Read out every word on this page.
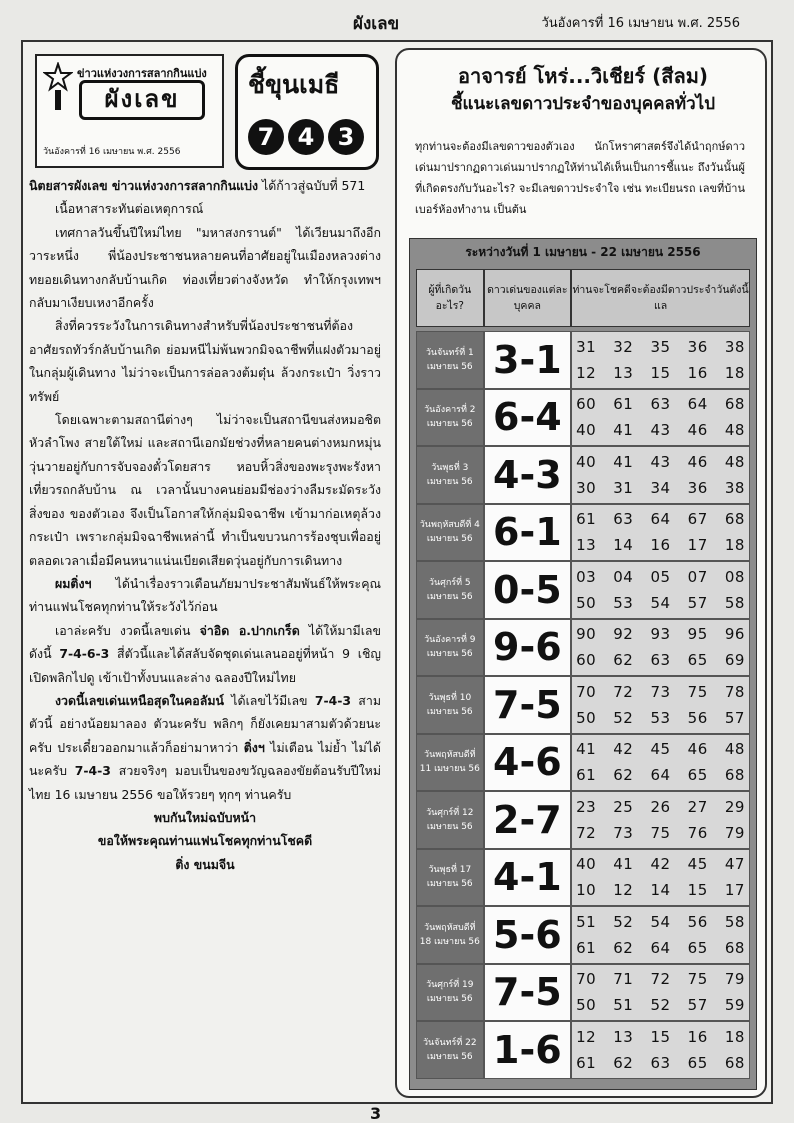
ผังเลข	วันอังคารที่ 16 เมษายน พ.ศ. 2556
ข่าวแห่งวงการสลากกินแบ่ง
ผังเลข
วันอังคารที่ 16 เมษายน พ.ศ. 2556
ชี้ขุนเมธี
7 4 3

นิตยสารผังเลข ข่าวแห่งวงการสลากกินแบ่ง ได้ก้าวสู่ฉบับที่ 571

เนื้อหาสาระทันต่อเหตุการณ์

เทศกาลวันขึ้นปีใหม่ไทย "มหาสงกรานต์" ได้เวียนมาถึงอีกวาระหนึ่ง พี่น้องประชาชนหลายคนที่อาศัยอยู่ในเมืองหลวงต่างทยอยเดินทางกลับบ้านเกิด ท่องเที่ยวต่างจังหวัด ทำให้กรุงเทพฯ กลับมาเงียบเหงาอีกครั้ง

สิ่งที่ควรระวังในการเดินทางสำหรับพี่น้องประชาชนที่ต้องอาศัยรถทัวร์กลับบ้านเกิด ย่อมหนีไม่พ้นพวกมิจฉาชีพที่แฝงตัวมาอยู่ในกลุ่มผู้เดินทาง ไม่ว่าจะเป็นการล่อลวงต้มตุ๋น ล้วงกระเป๋า วิ่งราวทรัพย์

โดยเฉพาะตามสถานีต่างๆ ไม่ว่าจะเป็นสถานีขนส่งหมอชิต หัวลำโพง สายใต้ใหม่ และสถานีเอกมัยช่วงที่หลายคนต่างหมกหมุ่นวุ่นวายอยู่กับการจับจองตั๋วโดยสาร หอบหิ้วสิ่งของพะรุงพะรังหาเที่ยวรถกลับบ้าน ณ เวลานั้นบางคนย่อมมีช่องว่างลืมระมัดระวังสิ่งของ ของตัวเอง จึงเป็นโอกาสให้กลุ่มมิจฉาชีพ เข้ามาก่อเหตุล้วงกระเป๋า เพราะกลุ่มมิจฉาชีพเหล่านี้ ทำเป็นขบวนการร้องชุบเพื่ออยู่ตลอดเวลาเมื่อมีคนหนาแน่นเบียดเสียดวุ่นอยู่กับการเดินทาง

ผมติ่งฯ ได้นำเรื่องราวเตือนภัยมาประชาสัมพันธ์ให้พระคุณท่านแฟนโชคทุกท่านให้ระวังไว้ก่อน

เอาล่ะครับ งวดนี้เลขเด่น จ่าอิด อ.ปากเกร็ด ได้ให้มามีเลขดังนี้ 7-4-6-3 สี่ตัวนี้และได้สลับจัดชุดเด่นเลนออยู่ที่หน้า 9 เชิญเปิดพลิกไปดู เข้าเป้าทั้งบนและล่าง ฉลองปีใหม่ไทย

งวดนี้เลขเด่นเหนือสุดในคอลัมน์ ได้เลขไว้มีเลข 7-4-3 สามตัวนี้ อย่างน้อยมาลอง ตัวนะครับ พลิกๆ ก็ยังเคยมาสามตัวด้วยนะครับ ประเดี๋ยวออกมาแล้วก็อย่ามาหาว่า ติ่งฯ ไม่เตือน ไม่ย้ำ ไม่ได้นะครับ 7-4-3 สวยจริงๆ มอบเป็นของขวัญฉลองขัยต้อนรับปีใหม่ไทย 16 เมษายน 2556 ขอให้รวยๆ ทุกๆ ท่านครับ

พบกันใหม่ฉบับหน้า

ขอให้พระคุณท่านแฟนโชคทุกท่านโชคดี

ติ่ง ขนมจีน

อาจารย์ โหร่...วิเชียร์ (สีลม)
ชี้แนะเลขดาวประจำของบุคคลทั่วไป
ทุกท่านจะต้องมีเลขดาวของตัวเอง นักโหราศาสตร์จึงได้นำฤกษ์ดาวเด่นมาปรากฏดาวเด่นมาปรากฏให้ท่านได้เห็นเป็นการชี้แนะ ถึงวันนั้นผู้ที่เกิดตรงกับวันอะไร? จะมีเลขดาวประจำใจ เช่น ทะเบียนรถ เลขที่บ้าน เบอร์ห้องทำงาน เป็นต้น
ระหว่างวันที่ 1 เมษายน - 22 เมษายน 2556
ผู้ที่เกิดวันอะไร?
ดาวเด่นของแต่ละบุคคล
ท่านจะโชคดีจะต้องมีดาวประจำวันดังนี้แล
วันจันทร์ที่ 1 เมษายน 56 3-1 31 32 35 36 38
12 13 15 16 18
วันอังคารที่ 2 เมษายน 56 6-4 60 61 63 64 68
40 41 43 46 48
วันพุธที่ 3 เมษายน 56 4-3 40 41 43 46 48
30 31 34 36 38
วันพฤหัสบดีที่ 4 เมษายน 56 6-1 61 63 64 67 68
13 14 16 17 18
วันศุกร์ที่ 5 เมษายน 56 0-5 03 04 05 07 08
50 53 54 57 58
วันอังคารที่ 9 เมษายน 56 9-6 90 92 93 95 96
60 62 63 65 69
วันพุธที่ 10 เมษายน 56 7-5 70 72 73 75 78
50 52 53 56 57
วันพฤหัสบดีที่ 11 เมษายน 56 4-6 41 42 45 46 48
61 62 64 65 68
วันศุกร์ที่ 12 เมษายน 56 2-7 23 25 26 27 29
72 73 75 76 79
วันพุธที่ 17 เมษายน 56 4-1 40 41 42 45 47
10 12 14 15 17
วันพฤหัสบดีที่ 18 เมษายน 56 5-6 51 52 54 56 58
61 62 64 65 68
วันศุกร์ที่ 19 เมษายน 56 7-5 70 71 72 75 79
50 51 52 57 59
วันจันทร์ที่ 22 เมษายน 56 1-6 12 13 15 16 18
61 62 63 65 68
3
